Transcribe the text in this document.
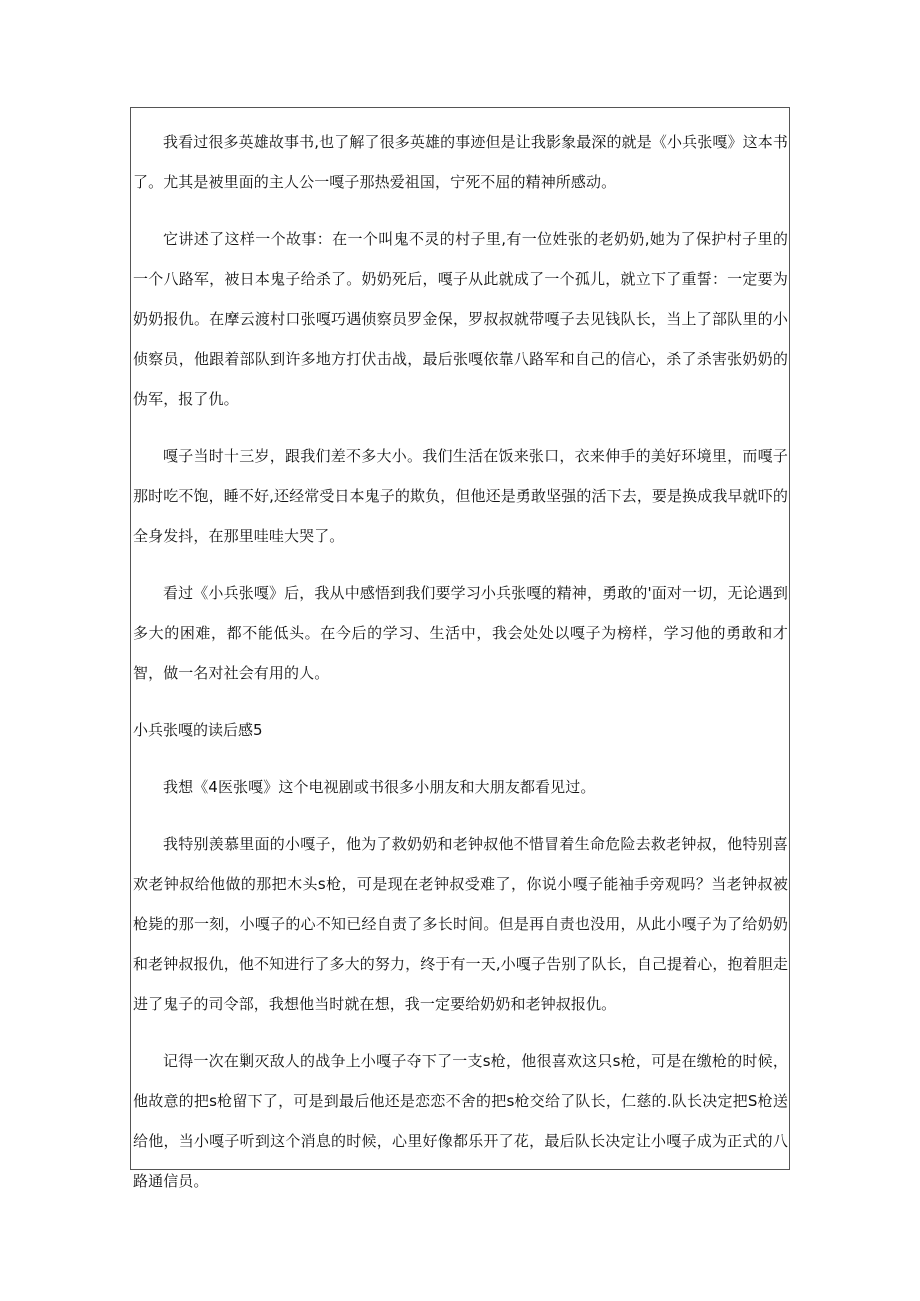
我看过很多英雄故事书,也了解了很多英雄的事迹但是让我影象最深的就是《小兵张嘎》这本书了。尤其是被里面的主人公一嘎子那热爱祖国，宁死不屈的精神所感动。

它讲述了这样一个故事：在一个叫鬼不灵的村子里,有一位姓张的老奶奶,她为了保护村子里的一个八路军，被日本鬼子给杀了。奶奶死后，嘎子从此就成了一个孤儿，就立下了重誓：一定要为奶奶报仇。在摩云渡村口张嘎巧遇侦察员罗金保，罗叔叔就带嘎子去见钱队长，当上了部队里的小侦察员，他跟着部队到许多地方打伏击战，最后张嘎依靠八路军和自己的信心，杀了杀害张奶奶的伪军，报了仇。

嘎子当时十三岁，跟我们差不多大小。我们生活在饭来张口，衣来伸手的美好环境里，而嘎子那时吃不饱，睡不好,还经常受日本鬼子的欺负，但他还是勇敢坚强的活下去，要是换成我早就吓的全身发抖，在那里哇哇大哭了。

看过《小兵张嘎》后，我从中感悟到我们要学习小兵张嘎的精神，勇敢的'面对一切，无论遇到多大的困难，都不能低头。在今后的学习、生活中，我会处处以嘎子为榜样，学习他的勇敢和才智，做一名对社会有用的人。

小兵张嘎的读后感5

我想《4医张嘎》这个电视剧或书很多小朋友和大朋友都看见过。

我特别羡慕里面的小嘎子，他为了救奶奶和老钟叔他不惜冒着生命危险去救老钟叔，他特别喜欢老钟叔给他做的那把木头s枪，可是现在老钟叔受难了，你说小嘎子能袖手旁观吗？当老钟叔被枪毙的那一刻，小嘎子的心不知已经自责了多长时间。但是再自责也没用，从此小嘎子为了给奶奶和老钟叔报仇，他不知进行了多大的努力，终于有一天,小嘎子告别了队长，自己提着心，抱着胆走进了鬼子的司令部，我想他当时就在想，我一定要给奶奶和老钟叔报仇。

记得一次在剿灭敌人的战争上小嘎子夺下了一支s枪，他很喜欢这只s枪，可是在缴枪的时候，他故意的把s枪留下了，可是到最后他还是恋恋不舍的把s枪交给了队长，仁慈的.队长决定把S枪送给他，当小嘎子听到这个消息的时候，心里好像都乐开了花，最后队长决定让小嘎子成为正式的八路通信员。
